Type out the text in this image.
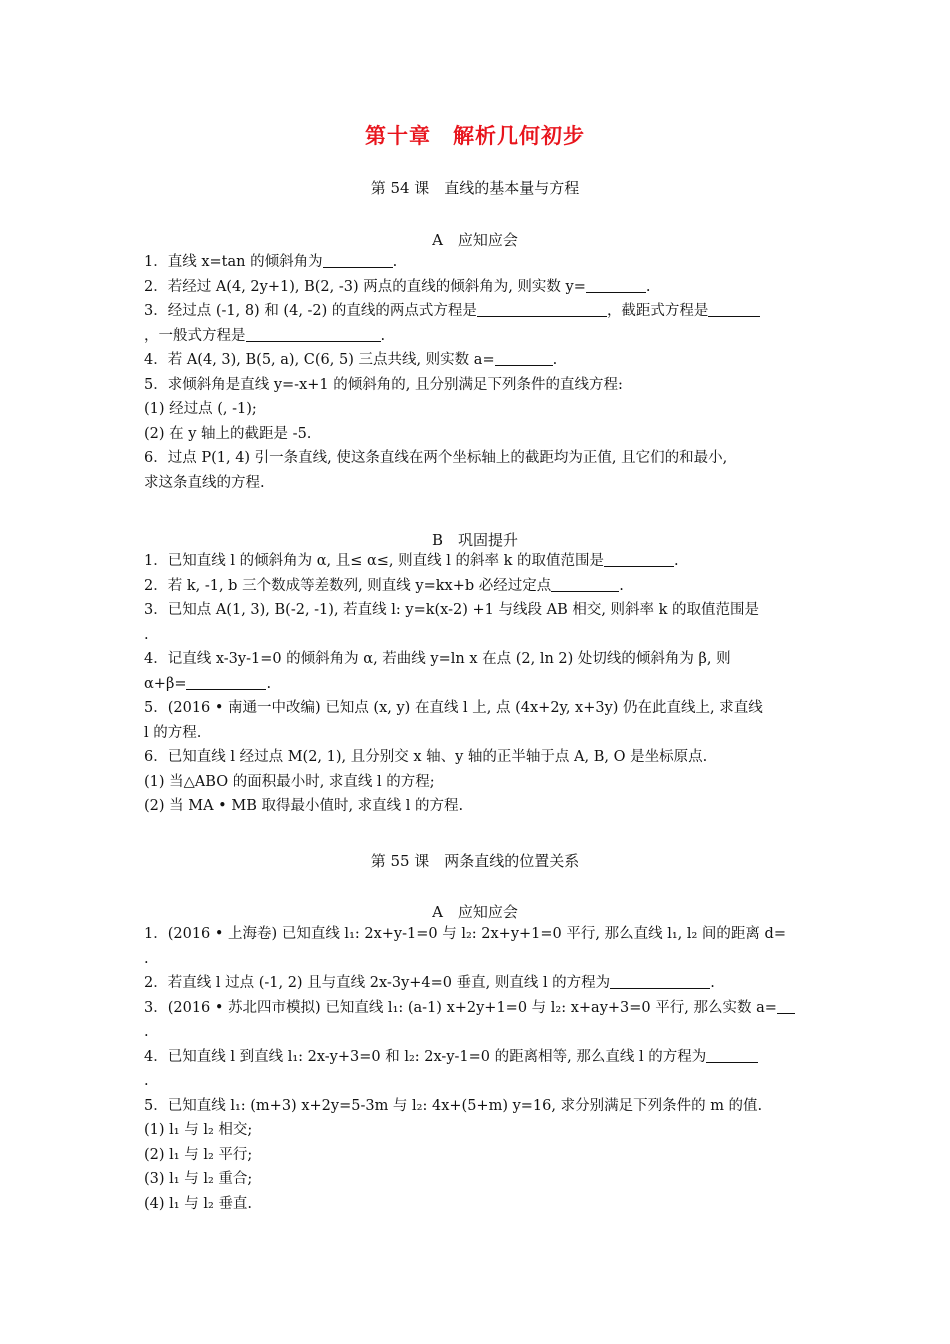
第十章　解析几何初步
第 54 课　直线的基本量与方程
A　应知应会
1．直线 x=tan 的倾斜角为	.
2．若经过 A(4, 2y+1), B(2, -3) 两点的直线的倾斜角为, 则实数 y=	.
3．经过点 (-1, 8) 和 (4, -2) 的直线的两点式方程是	，截距式方程是
，一般式方程是	.
4．若 A(4, 3), B(5, a), C(6, 5) 三点共线, 则实数 a=	.
5．求倾斜角是直线 y=-x+1 的倾斜角的, 且分别满足下列条件的直线方程:
(1) 经过点 (, -1);
(2) 在 y 轴上的截距是 -5.
6．过点 P(1, 4) 引一条直线, 使这条直线在两个坐标轴上的截距均为正值, 且它们的和最小,
求这条直线的方程.
B　巩固提升
1．已知直线 l 的倾斜角为 α, 且≤ α≤, 则直线 l 的斜率 k 的取值范围是	.
2．若 k, -1, b 三个数成等差数列, 则直线 y=kx+b 必经过定点	.
3．已知点 A(1, 3), B(-2, -1), 若直线 l: y=k(x-2) +1 与线段 AB 相交, 则斜率 k 的取值范围是
.
4．记直线 x-3y-1=0 的倾斜角为 α, 若曲线 y=ln x 在点 (2, ln 2) 处切线的倾斜角为 β, 则
α+β=	.
5．(2016 • 南通一中改编) 已知点 (x, y) 在直线 l 上, 点 (4x+2y, x+3y) 仍在此直线上, 求直线
l 的方程.
6．已知直线 l 经过点 M(2, 1), 且分别交 x 轴、y 轴的正半轴于点 A, B, O 是坐标原点.
(1) 当△ABO 的面积最小时, 求直线 l 的方程;
(2) 当 MA • MB 取得最小值时, 求直线 l 的方程.
第 55 课　两条直线的位置关系
A　应知应会
1．(2016 • 上海卷) 已知直线 l₁: 2x+y-1=0 与 l₂: 2x+y+1=0 平行, 那么直线 l₁, l₂ 间的距离 d=
.
2．若直线 l 过点 (-1, 2) 且与直线 2x-3y+4=0 垂直, 则直线 l 的方程为	.
3．(2016 • 苏北四市模拟) 已知直线 l₁: (a-1) x+2y+1=0 与 l₂: x+ay+3=0 平行, 那么实数 a=
.
4．已知直线 l 到直线 l₁: 2x-y+3=0 和 l₂: 2x-y-1=0 的距离相等, 那么直线 l 的方程为
.
5．已知直线 l₁: (m+3) x+2y=5-3m 与 l₂: 4x+(5+m) y=16, 求分别满足下列条件的 m 的值.
(1) l₁ 与 l₂ 相交;
(2) l₁ 与 l₂ 平行;
(3) l₁ 与 l₂ 重合;
(4) l₁ 与 l₂ 垂直.
